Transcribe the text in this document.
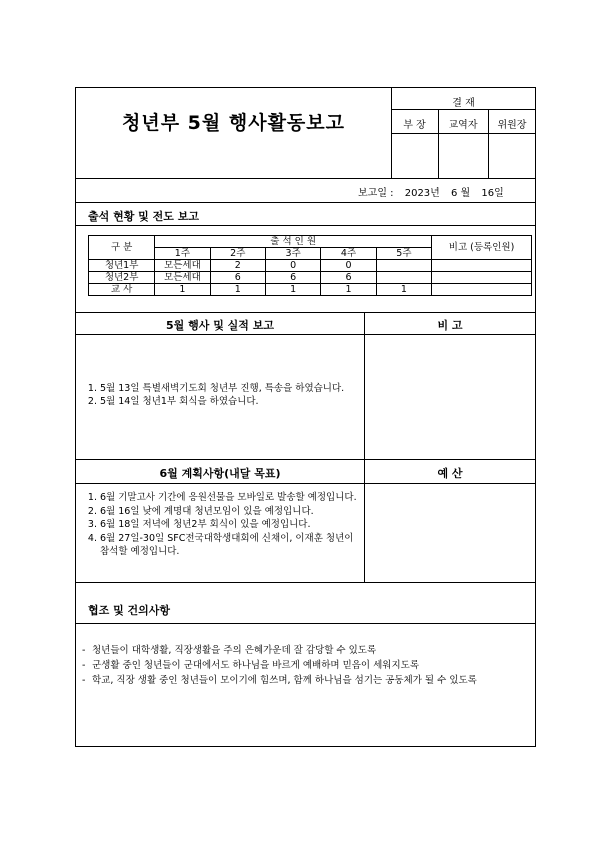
청년부 5월 행사활동보고
결 재
부 장	교역자	위원장
보고일 : 2023년 6 월 16일
출석 현황 및 전도 보고
구 분	출 석 인 원					비고 (등록인원)
	1주	2주	3주	4주	5주	
청년1부	모든세대	2	0	0		
청년2부	모든세대	6	6	6		
교 사	1	1	1	1	1	
5월 행사 및 실적 보고	비 고
1. 5월 13일 특별새벽기도회 청년부 진행, 특송을 하였습니다.
2. 5월 14일 청년1부 회식을 하였습니다.
6월 계획사항(내달 목표)	예 산
1. 6월 기말고사 기간에 응원선물을 모바일로 발송할 예정입니다.
2. 6월 16일 낮에 계명대 청년모임이 있을 예정입니다.
3. 6월 18일 저녁에 청년2부 회식이 있을 예정입니다.
4. 6월 27일-30일 SFC전국대학생대회에 신채이, 이재훈 청년이 참석할 예정입니다.
협조 및 건의사항
- 청년들이 대학생활, 직장생활을 주의 은혜가운데 잘 감당할 수 있도록
- 군생활 중인 청년들이 군대에서도 하나님을 바르게 예배하며 믿음이 세워지도록
- 학교, 직장 생활 중인 청년들이 모이기에 힘쓰며, 함께 하나님을 섬기는 공동체가 될 수 있도록
